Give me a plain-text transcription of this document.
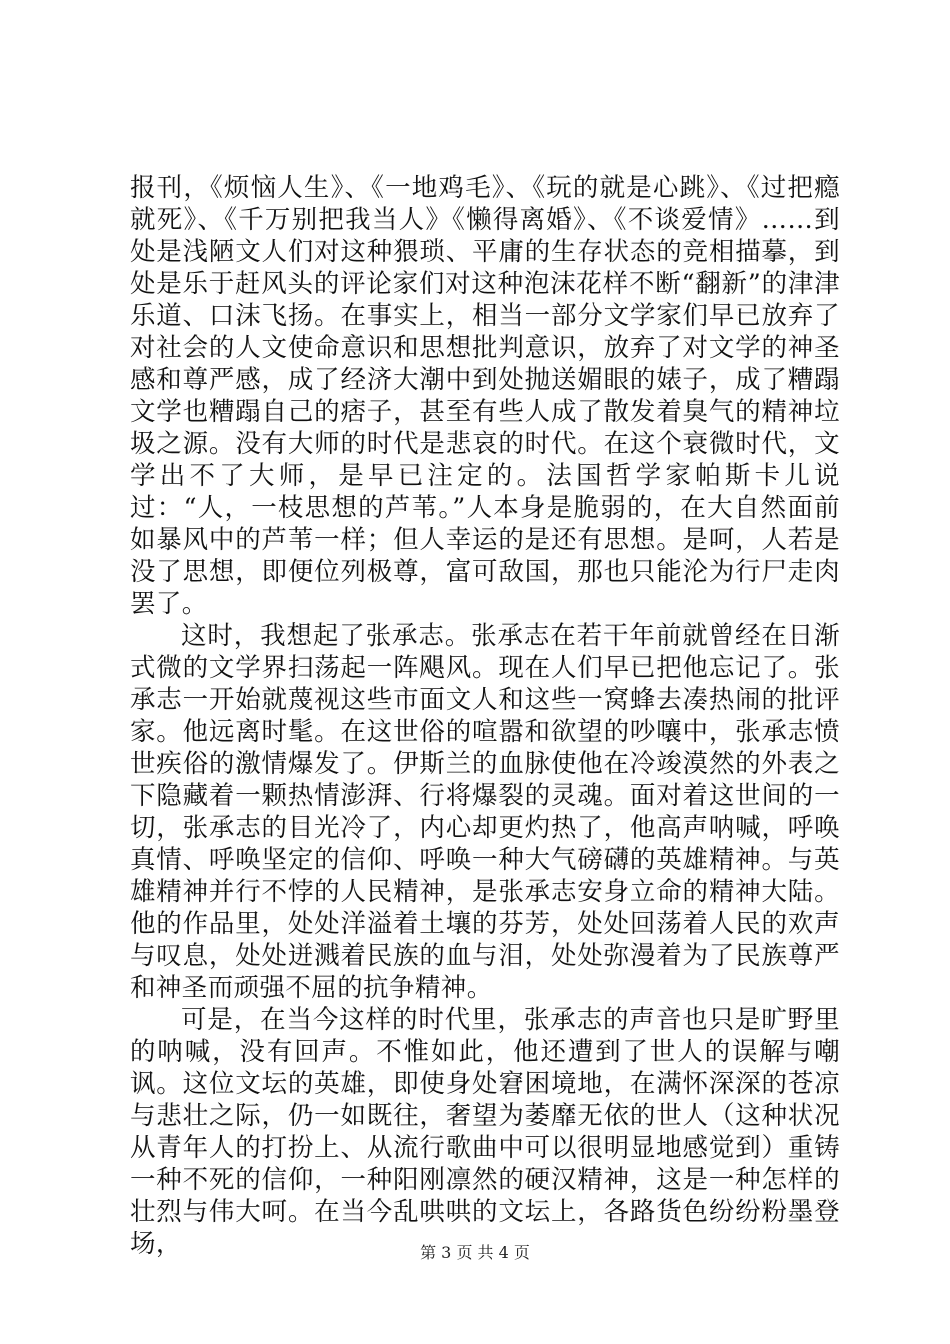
报刊，《烦恼人生》、《一地鸡毛》、《玩的就是心跳》、《过把瘾就死》、《千万别把我当人》《懒得离婚》、《不谈爱情》……到处是浅陋文人们对这种猥琐、平庸的生存状态的竞相描摹，到处是乐于赶风头的评论家们对这种泡沫花样不断“翻新”的津津乐道、口沫飞扬。在事实上，相当一部分文学家们早已放弃了对社会的人文使命意识和思想批判意识，放弃了对文学的神圣感和尊严感，成了经济大潮中到处抛送媚眼的婊子，成了糟蹋文学也糟蹋自己的痞子，甚至有些人成了散发着臭气的精神垃圾之源。没有大师的时代是悲哀的时代。在这个衰微时代，文学出不了大师，是早已注定的。法国哲学家帕斯卡儿说过：“人，一枝思想的芦苇。”人本身是脆弱的，在大自然面前如暴风中的芦苇一样；但人幸运的是还有思想。是呵，人若是没了思想，即便位列极尊，富可敌国，那也只能沦为行尸走肉罢了。

这时，我想起了张承志。张承志在若干年前就曾经在日渐式微的文学界扫荡起一阵飓风。现在人们早已把他忘记了。张承志一开始就蔑视这些市面文人和这些一窝蜂去凑热闹的批评家。他远离时髦。在这世俗的喧嚣和欲望的吵嚷中，张承志愤世疾俗的激情爆发了。伊斯兰的血脉使他在冷竣漠然的外表之下隐藏着一颗热情澎湃、行将爆裂的灵魂。面对着这世间的一切，张承志的目光冷了，内心却更灼热了，他高声呐喊，呼唤真情、呼唤坚定的信仰、呼唤一种大气磅礴的英雄精神。与英雄精神并行不悖的人民精神，是张承志安身立命的精神大陆。他的作品里，处处洋溢着土壤的芬芳，处处回荡着人民的欢声与叹息，处处迸溅着民族的血与泪，处处弥漫着为了民族尊严和神圣而顽强不屈的抗争精神。

可是，在当今这样的时代里，张承志的声音也只是旷野里的呐喊，没有回声。不惟如此，他还遭到了世人的误解与嘲讽。这位文坛的英雄，即使身处窘困境地，在满怀深深的苍凉与悲壮之际，仍一如既往，奢望为萎靡无依的世人（这种状况从青年人的打扮上、从流行歌曲中可以很明显地感觉到）重铸一种不死的信仰，一种阳刚凛然的硬汉精神，这是一种怎样的壮烈与伟大呵。在当今乱哄哄的文坛上，各路货色纷纷粉墨登场，	第 3 页 共 4 页
